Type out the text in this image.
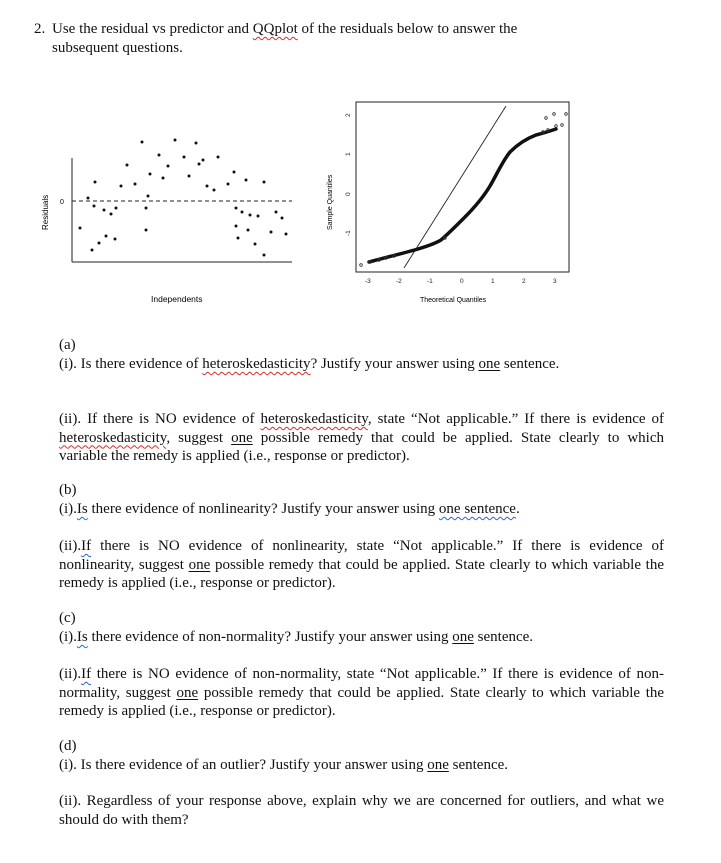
2. Use the residual vs predictor and QQplot of the residuals below to answer the
subsequent questions.
0
Residuals
Independents
Sample Quantiles
Theoretical Quantiles
-3	-2	-1	0	1	2	3
-1
0
1
2
(a)
(i). Is there evidence of heteroskedasticity? Justify your answer using one sentence.
(ii). If there is NO evidence of heteroskedasticity, state “Not applicable.” If there is evidence of heteroskedasticity, suggest one possible remedy that could be applied. State clearly to which variable the remedy is applied (i.e., response or predictor).
(b)
(i).Is there evidence of nonlinearity? Justify your answer using one sentence.
(ii).If there is NO evidence of nonlinearity, state “Not applicable.” If there is evidence of nonlinearity, suggest one possible remedy that could be applied. State clearly to which variable the remedy is applied (i.e., response or predictor).
(c)
(i).Is there evidence of non-normality? Justify your answer using one sentence.
(ii).If there is NO evidence of non-normality, state “Not applicable.” If there is evidence of non-normality, suggest one possible remedy that could be applied. State clearly to which variable the remedy is applied (i.e., response or predictor).
(d)
(i). Is there evidence of an outlier? Justify your answer using one sentence.
(ii). Regardless of your response above, explain why we are concerned for outliers, and what we should do with them?
